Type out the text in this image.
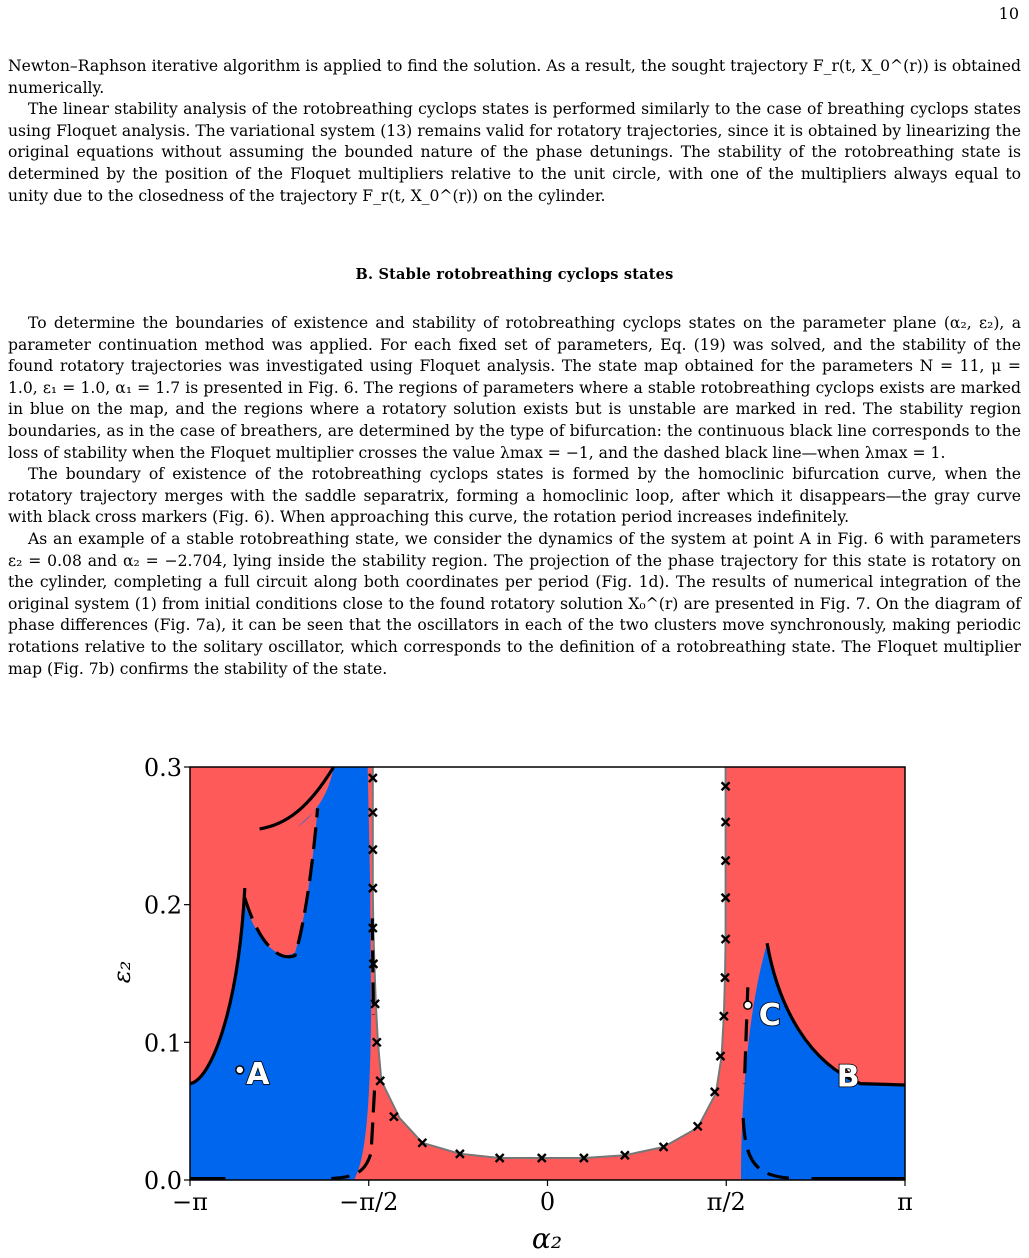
10

Newton–Raphson iterative algorithm is applied to find the solution. As a result, the sought trajectory F_r(t, X_0^(r)) is obtained numerically.

The linear stability analysis of the rotobreathing cyclops states is performed similarly to the case of breathing cyclops states using Floquet analysis. The variational system (13) remains valid for rotatory trajectories, since it is obtained by linearizing the original equations without assuming the bounded nature of the phase detunings. The stability of the rotobreathing state is determined by the position of the Floquet multipliers relative to the unit circle, with one of the multipliers always equal to unity due to the closedness of the trajectory F_r(t, X_0^(r)) on the cylinder.

B. Stable rotobreathing cyclops states

To determine the boundaries of existence and stability of rotobreathing cyclops states on the parameter plane (α₂, ε₂), a parameter continuation method was applied. For each fixed set of parameters, Eq. (19) was solved, and the stability of the found rotatory trajectories was investigated using Floquet analysis. The state map obtained for the parameters N = 11, μ = 1.0, ε₁ = 1.0, α₁ = 1.7 is presented in Fig. 6. The regions of parameters where a stable rotobreathing cyclops exists are marked in blue on the map, and the regions where a rotatory solution exists but is unstable are marked in red. The stability region boundaries, as in the case of breathers, are determined by the type of bifurcation: the continuous black line corresponds to the loss of stability when the Floquet multiplier crosses the value λmax = −1, and the dashed black line—when λmax = 1.

The boundary of existence of the rotobreathing cyclops states is formed by the homoclinic bifurcation curve, when the rotatory trajectory merges with the saddle separatrix, forming a homoclinic loop, after which it disappears—the gray curve with black cross markers (Fig. 6). When approaching this curve, the rotation period increases indefinitely.

As an example of a stable rotobreathing state, we consider the dynamics of the system at point A in Fig. 6 with parameters ε₂ = 0.08 and α₂ = −2.704, lying inside the stability region. The projection of the phase trajectory for this state is rotatory on the cylinder, completing a full circuit along both coordinates per period (Fig. 1d). The results of numerical integration of the original system (1) from initial conditions close to the found rotatory solution X₀^(r) are presented in Fig. 7. On the diagram of phase differences (Fig. 7a), it can be seen that the oscillators in each of the two clusters move synchronously, making periodic rotations relative to the solitary oscillator, which corresponds to the definition of a rotobreathing state. The Floquet multiplier map (Fig. 7b) confirms the stability of the state.

−π	−π/2	0	π/2	π
0.0
0.1
0.2
0.3
A	B
C
α₂
ε₂
